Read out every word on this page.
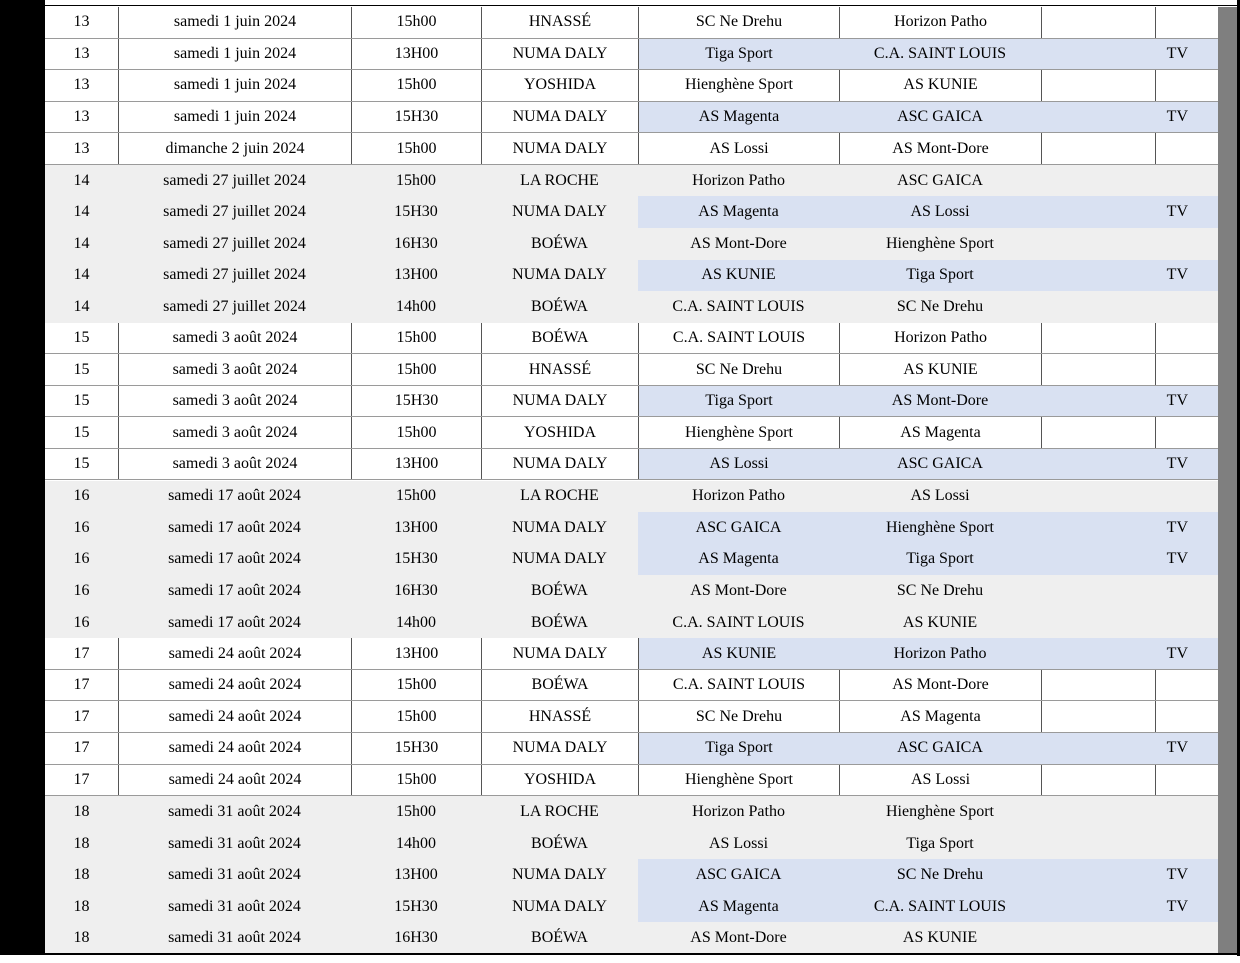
13	samedi 1 juin 2024	15h00	HNASSÉ	SC Ne Drehu	Horizon Patho
13	samedi 1 juin 2024	13H00	NUMA DALY	Tiga Sport	C.A. SAINT LOUIS	TV
13	samedi 1 juin 2024	15h00	YOSHIDA	Hienghène Sport	AS KUNIE
13	samedi 1 juin 2024	15H30	NUMA DALY	AS Magenta	ASC GAICA	TV
13	dimanche 2 juin 2024	15h00	NUMA DALY	AS Lossi	AS Mont-Dore
14	samedi 27 juillet 2024	15h00	LA ROCHE	Horizon Patho	ASC GAICA
14	samedi 27 juillet 2024	15H30	NUMA DALY	AS Magenta	AS Lossi	TV
14	samedi 27 juillet 2024	16H30	BOÉWA	AS Mont-Dore	Hienghène Sport
14	samedi 27 juillet 2024	13H00	NUMA DALY	AS KUNIE	Tiga Sport	TV
14	samedi 27 juillet 2024	14h00	BOÉWA	C.A. SAINT LOUIS	SC Ne Drehu
15	samedi 3 août 2024	15h00	BOÉWA	C.A. SAINT LOUIS	Horizon Patho
15	samedi 3 août 2024	15h00	HNASSÉ	SC Ne Drehu	AS KUNIE
15	samedi 3 août 2024	15H30	NUMA DALY	Tiga Sport	AS Mont-Dore	TV
15	samedi 3 août 2024	15h00	YOSHIDA	Hienghène Sport	AS Magenta
15	samedi 3 août 2024	13H00	NUMA DALY	AS Lossi	ASC GAICA	TV
16	samedi 17 août 2024	15h00	LA ROCHE	Horizon Patho	AS Lossi
16	samedi 17 août 2024	13H00	NUMA DALY	ASC GAICA	Hienghène Sport	TV
16	samedi 17 août 2024	15H30	NUMA DALY	AS Magenta	Tiga Sport	TV
16	samedi 17 août 2024	16H30	BOÉWA	AS Mont-Dore	SC Ne Drehu
16	samedi 17 août 2024	14h00	BOÉWA	C.A. SAINT LOUIS	AS KUNIE
17	samedi 24 août 2024	13H00	NUMA DALY	AS KUNIE	Horizon Patho	TV
17	samedi 24 août 2024	15h00	BOÉWA	C.A. SAINT LOUIS	AS Mont-Dore
17	samedi 24 août 2024	15h00	HNASSÉ	SC Ne Drehu	AS Magenta
17	samedi 24 août 2024	15H30	NUMA DALY	Tiga Sport	ASC GAICA	TV
17	samedi 24 août 2024	15h00	YOSHIDA	Hienghène Sport	AS Lossi
18	samedi 31 août 2024	15h00	LA ROCHE	Horizon Patho	Hienghène Sport
18	samedi 31 août 2024	14h00	BOÉWA	AS Lossi	Tiga Sport
18	samedi 31 août 2024	13H00	NUMA DALY	ASC GAICA	SC Ne Drehu	TV
18	samedi 31 août 2024	15H30	NUMA DALY	AS Magenta	C.A. SAINT LOUIS	TV
18	samedi 31 août 2024	16H30	BOÉWA	AS Mont-Dore	AS KUNIE
